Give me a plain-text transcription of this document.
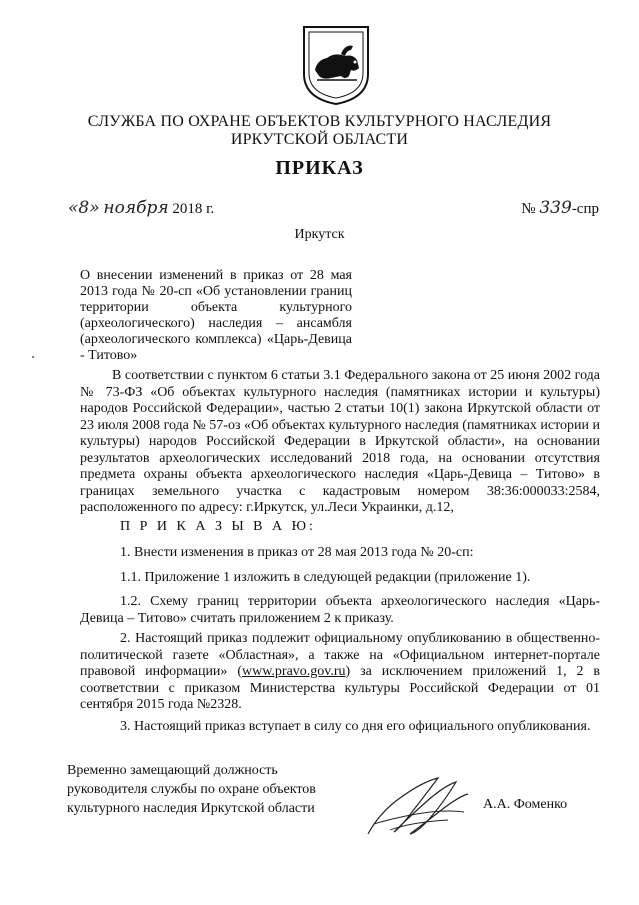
СЛУЖБА ПО ОХРАНЕ ОБЪЕКТОВ КУЛЬТУРНОГО НАСЛЕДИЯ
ИРКУТСКОЙ ОБЛАСТИ
ПРИКАЗ
«8» ноября 2018 г.	№ 339-спр
Иркутск
О внесении изменений в приказ от 28 мая 2013 года № 20-сп «Об установлении границ территории объекта культурного (археологического) наследия – ансамбля (археологического комплекса) «Царь-Девица - Титово»
В соответствии с пунктом 6 статьи 3.1 Федерального закона от 25 июня 2002 года № 73-ФЗ «Об объектах культурного наследия (памятниках истории и культуры) народов Российской Федерации», частью 2 статьи 10(1) закона Иркутской области от 23 июля 2008 года № 57-оз «Об объектах культурного наследия (памятниках истории и культуры) народов Российской Федерации в Иркутской области», на основании результатов археологических исследований 2018 года, на основании отсутствия предмета охраны объекта археологического наследия «Царь-Девица – Титово» в границах земельного участка с кадастровым номером 38:36:000033:2584, расположенного по адресу: г.Иркутск, ул.Леси Украинки, д.12,
П Р И К А З Ы В А Ю:
1. Внести изменения в приказ от 28 мая 2013 года № 20-сп:
1.1. Приложение 1 изложить в следующей редакции (приложение 1).
1.2. Схему границ территории объекта археологического наследия «Царь-Девица – Титово» считать приложением 2 к приказу.
2. Настоящий приказ подлежит официальному опубликованию в общественно-политической газете «Областная», а также на «Официальном интернет-портале правовой информации» (www.pravo.gov.ru) за исключением приложений 1, 2 в соответствии с приказом Министерства культуры Российской Федерации от 01 сентября 2015 года №2328.
3. Настоящий приказ вступает в силу со дня его официального опубликования.
Временно замещающий должность
руководителя службы по охране объектов
культурного наследия Иркутской области	А.А. Фоменко
